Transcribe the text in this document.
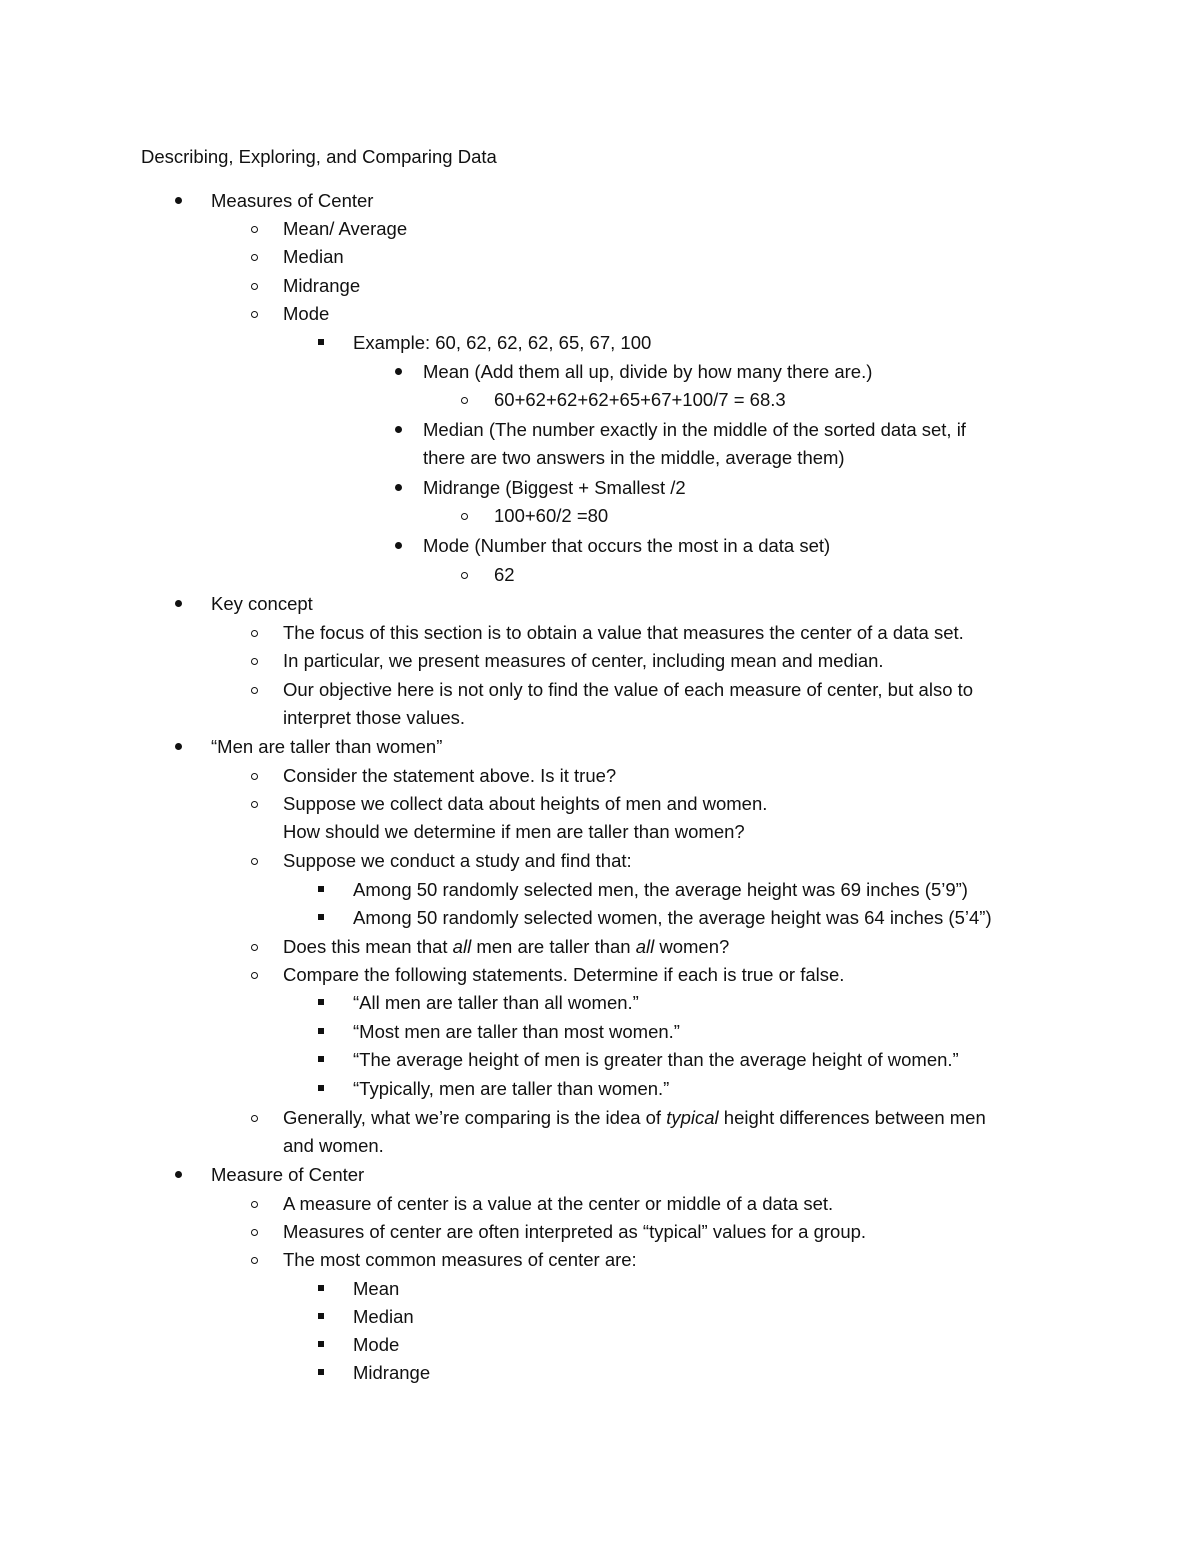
Describing, Exploring, and Comparing Data
Measures of Center
Mean/ Average
Median
Midrange
Mode
Example: 60, 62, 62, 62, 65, 67, 100
Mean (Add them all up, divide by how many there are.)
60+62+62+62+65+67+100/7 = 68.3
Median (The number exactly in the middle of the sorted data set, if
there are two answers in the middle, average them)
Midrange (Biggest + Smallest /2
100+60/2 =80
Mode (Number that occurs the most in a data set)
62
Key concept
The focus of this section is to obtain a value that measures the center of a data set.
In particular, we present measures of center, including mean and median.
Our objective here is not only to find the value of each measure of center, but also to
interpret those values.
“Men are taller than women”
Consider the statement above. Is it true?
Suppose we collect data about heights of men and women.
How should we determine if men are taller than women?
Suppose we conduct a study and find that:
Among 50 randomly selected men, the average height was 69 inches (5’9”)
Among 50 randomly selected women, the average height was 64 inches (5’4”)
Does this mean that all men are taller than all women?
Compare the following statements. Determine if each is true or false.
“All men are taller than all women.”
“Most men are taller than most women.”
“The average height of men is greater than the average height of women.”
“Typically, men are taller than women.”
Generally, what we’re comparing is the idea of typical height differences between men
and women.
Measure of Center
A measure of center is a value at the center or middle of a data set.
Measures of center are often interpreted as “typical” values for a group.
The most common measures of center are:
Mean
Median
Mode
Midrange
